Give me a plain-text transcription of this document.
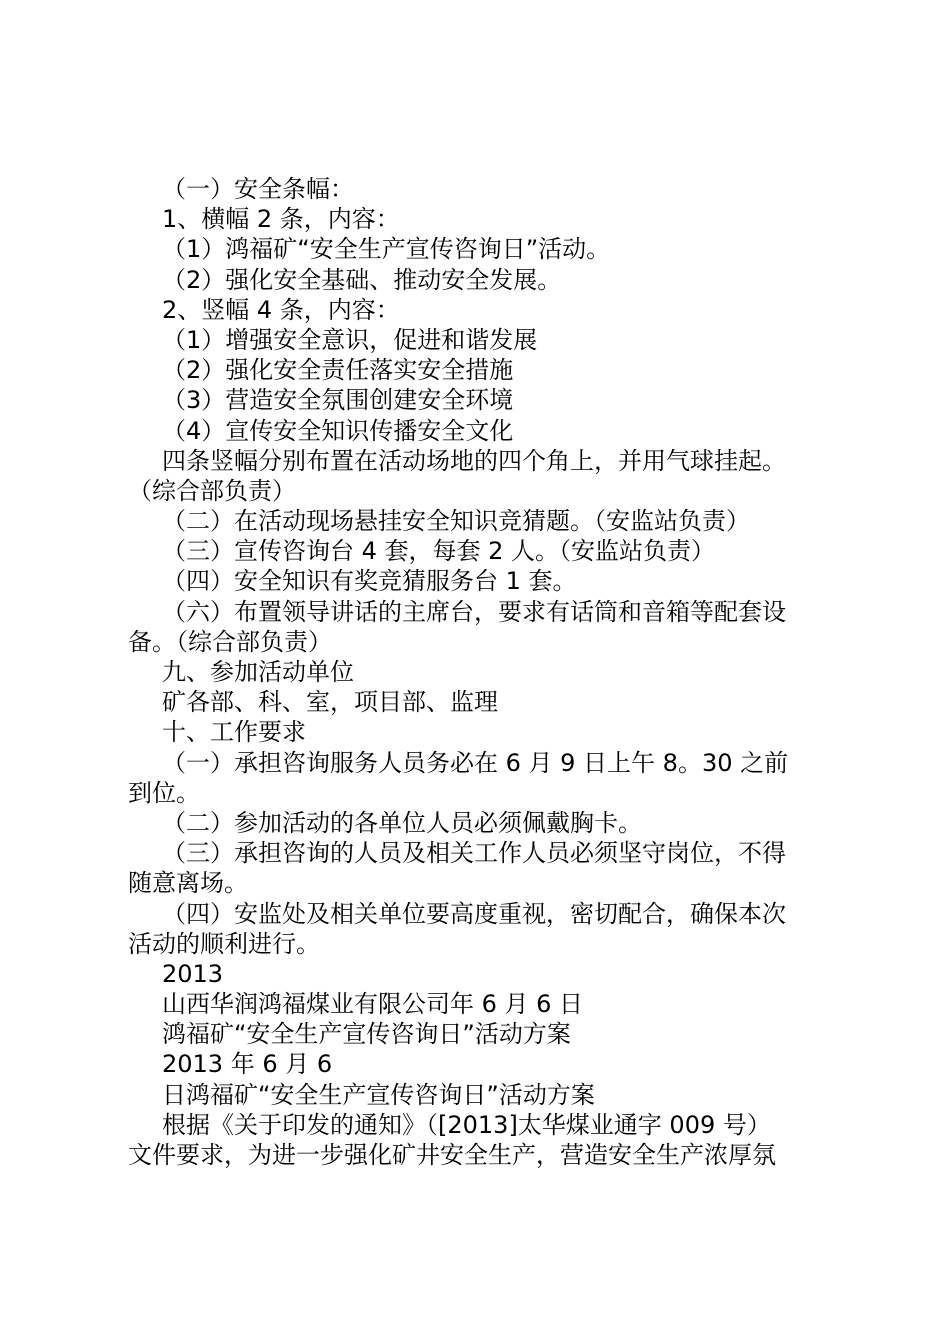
（一）安全条幅：
1、横幅 2 条，内容：
（1）鸿福矿“安全生产宣传咨询日”活动。
（2）强化安全基础、推动安全发展。
2、竖幅 4 条，内容：
（1）增强安全意识，促进和谐发展
（2）强化安全责任落实安全措施
（3）营造安全氛围创建安全环境
（4）宣传安全知识传播安全文化
四条竖幅分别布置在活动场地的四个角上，并用气球挂起。
（综合部负责）
（二）在活动现场悬挂安全知识竞猜题。（安监站负责）
（三）宣传咨询台 4 套，每套 2 人。（安监站负责）
（四）安全知识有奖竞猜服务台 1 套。
（六）布置领导讲话的主席台，要求有话筒和音箱等配套设
备。（综合部负责）
九、参加活动单位
矿各部、科、室，项目部、监理
十、工作要求
（一）承担咨询服务人员务必在 6 月 9 日上午 8。30 之前
到位。
（二）参加活动的各单位人员必须佩戴胸卡。
（三）承担咨询的人员及相关工作人员必须坚守岗位，不得
随意离场。
（四）安监处及相关单位要高度重视，密切配合，确保本次
活动的顺利进行。
2013
山西华润鸿福煤业有限公司年 6 月 6 日
鸿福矿“安全生产宣传咨询日”活动方案
2013 年 6 月 6
日鸿福矿“安全生产宣传咨询日”活动方案
根据《关于印发的通知》（[2013]太华煤业通字 009 号）
文件要求，为进一步强化矿井安全生产，营造安全生产浓厚氛
